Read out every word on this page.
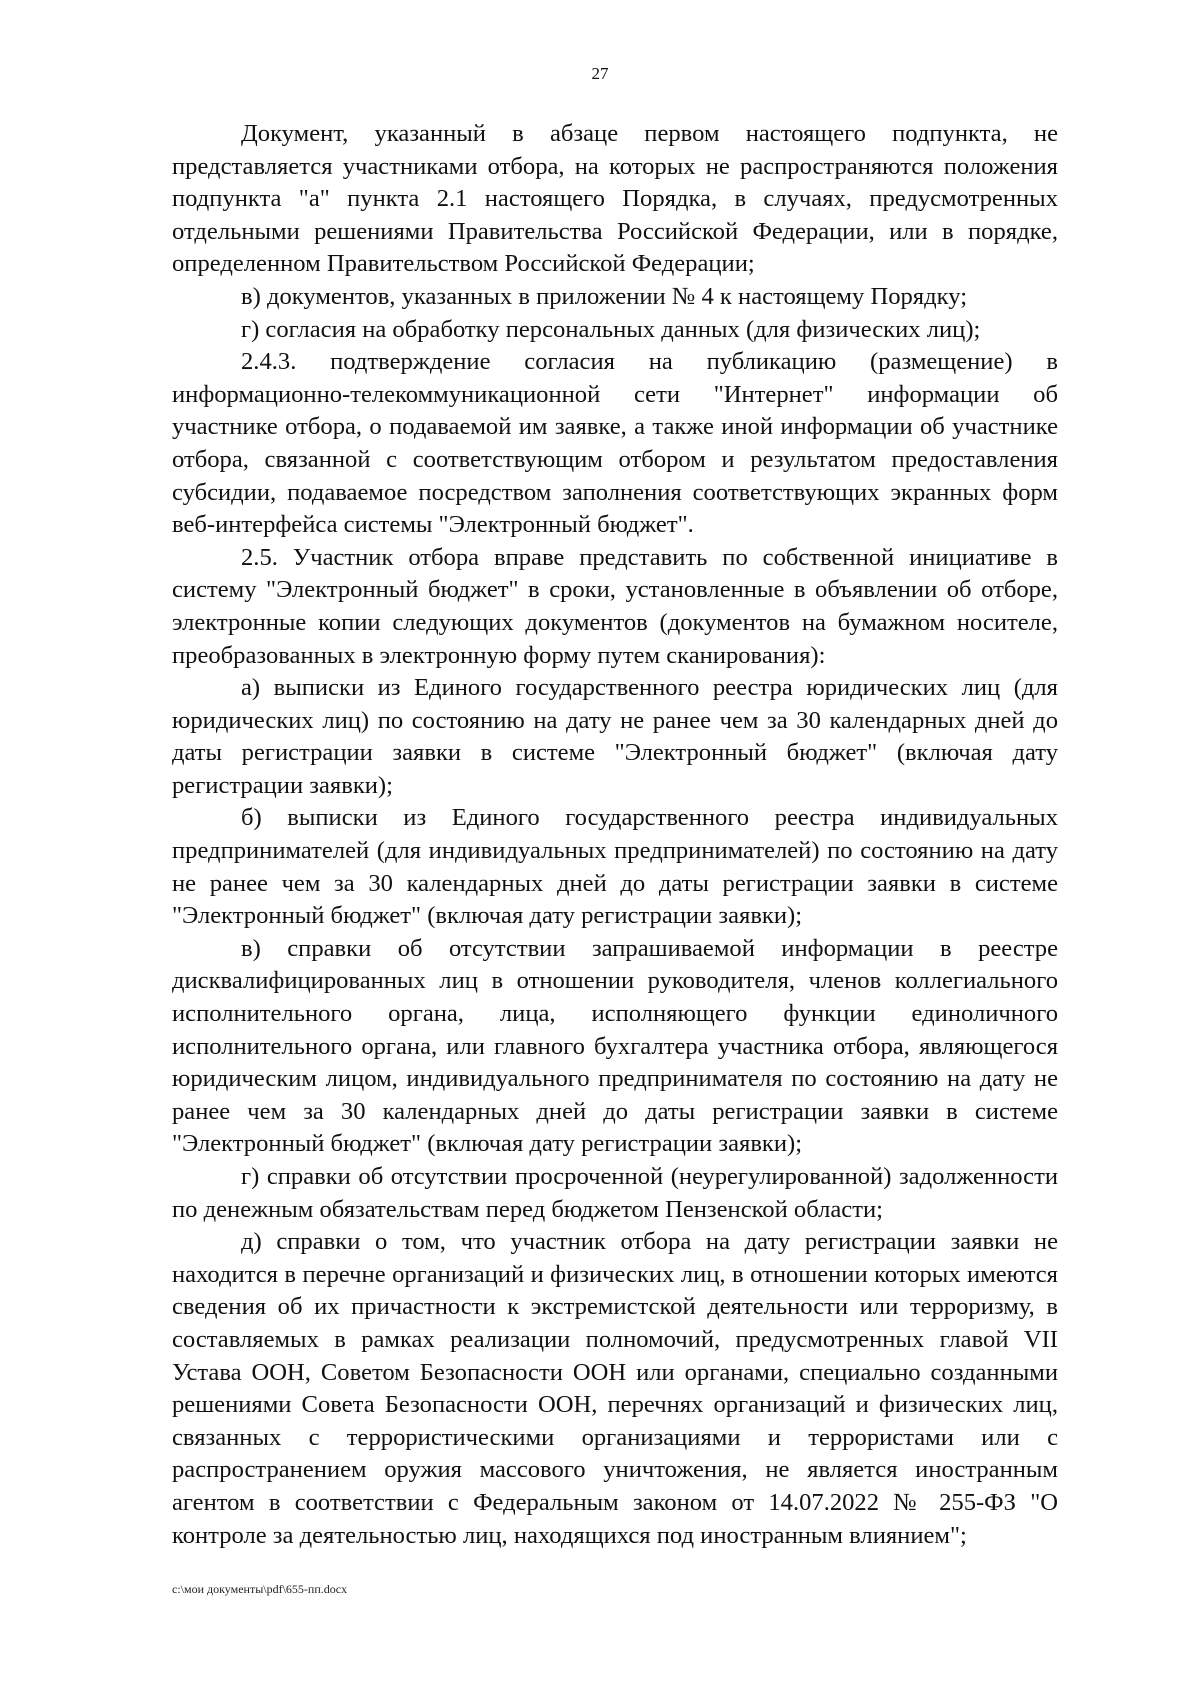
27

Документ, указанный в абзаце первом настоящего подпункта, не представляется участниками отбора, на которых не распространяются положения подпункта "а" пункта 2.1 настоящего Порядка, в случаях, предусмотренных отдельными решениями Правительства Российской Федерации, или в порядке, определенном Правительством Российской Федерации;

в) документов, указанных в приложении № 4 к настоящему Порядку;

г) согласия на обработку персональных данных (для физических лиц);

2.4.3. подтверждение согласия на публикацию (размещение) в информационно-телекоммуникационной сети "Интернет" информации об участнике отбора, о подаваемой им заявке, а также иной информации об участнике отбора, связанной с соответствующим отбором и результатом предоставления субсидии, подаваемое посредством заполнения соответствующих экранных форм веб-интерфейса системы "Электронный бюджет".

2.5. Участник отбора вправе представить по собственной инициативе в систему "Электронный бюджет" в сроки, установленные в объявлении об отборе, электронные копии следующих документов (документов на бумажном носителе, преобразованных в электронную форму путем сканирования):

а) выписки из Единого государственного реестра юридических лиц (для юридических лиц) по состоянию на дату не ранее чем за 30 календарных дней до даты регистрации заявки в системе "Электронный бюджет" (включая дату регистрации заявки);

б) выписки из Единого государственного реестра индивидуальных предпринимателей (для индивидуальных предпринимателей) по состоянию на дату не ранее чем за 30 календарных дней до даты регистрации заявки в системе "Электронный бюджет" (включая дату регистрации заявки);

в) справки об отсутствии запрашиваемой информации в реестре дисквалифицированных лиц в отношении руководителя, членов коллегиального исполнительного органа, лица, исполняющего функции единоличного исполнительного органа, или главного бухгалтера участника отбора, являющегося юридическим лицом, индивидуального предпринимателя по состоянию на дату не ранее чем за 30 календарных дней до даты регистрации заявки в системе "Электронный бюджет" (включая дату регистрации заявки);

г) справки об отсутствии просроченной (неурегулированной) задолженности по денежным обязательствам перед бюджетом Пензенской области;

д) справки о том, что участник отбора на дату регистрации заявки не находится в перечне организаций и физических лиц, в отношении которых имеются сведения об их причастности к экстремистской деятельности или терроризму, в составляемых в рамках реализации полномочий, предусмотренных главой VII Устава ООН, Советом Безопасности ООН или органами, специально созданными решениями Совета Безопасности ООН, перечнях организаций и физических лиц, связанных с террористическими организациями и террористами или с распространением оружия массового уничтожения, не является иностранным агентом в соответствии с Федеральным законом от 14.07.2022 № 255-ФЗ "О контроле за деятельностью лиц, находящихся под иностранным влиянием";

c:\мои документы\pdf\655-пп.docx
